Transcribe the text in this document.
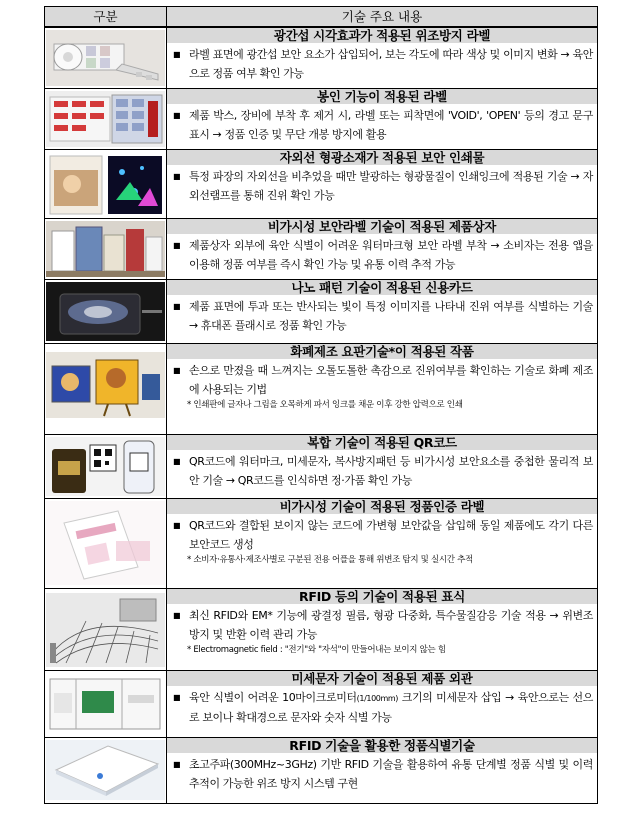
구분	기술 주요 내용

광간섭 시각효과가 적용된 위조방지 라벨
■ 라벨 표면에 광간섭 보안 요소가 삽입되어, 보는 각도에 따라 색상 및 이미지 변화 → 육안으로 정품 여부 확인 가능

봉인 기능이 적용된 라벨
■ 제품 박스, 장비에 부착 후 제거 시, 라벨 또는 피착면에 'VOID', 'OPEN' 등의 경고 문구 표시 → 정품 인증 및 무단 개봉 방지에 활용

자외선 형광소재가 적용된 보안 인쇄물
■ 특정 파장의 자외선을 비추었을 때만 발광하는 형광물질이 인쇄잉크에 적용된 기술 → 자외선램프를 통해 진위 확인 가능

비가시성 보안라벨 기술이 적용된 제품상자
■ 제품상자 외부에 육안 식별이 어려운 워터마크형 보안 라벨 부착 → 소비자는 전용 앱을 이용해 정품 여부를 즉시 확인 가능 및 유통 이력 추적 가능

나노 패턴 기술이 적용된 신용카드
■ 제품 표면에 투과 또는 반사되는 빛이 특정 이미지를 나타내 진위 여부를 식별하는 기술 → 휴대폰 플래시로 정품 확인 가능

화폐제조 요판기술*이 적용된 작품
■ 손으로 만졌을 때 느껴지는 오톨도톨한 촉감으로 진위여부를 확인하는 기술로 화폐 제조에 사용되는 기법
* 인쇄판에 글자나 그림을 오목하게 파서 잉크를 채운 이후 강한 압력으로 인쇄

복합 기술이 적용된 QR코드
■ QR코드에 워터마크, 미세문자, 복사방지패턴 등 비가시성 보안요소를 중첩한 물리적 보안 기술 → QR코드를 인식하면 정·가품 확인 가능

비가시성 기술이 적용된 정품인증 라벨
■ QR코드와 결합된 보이지 않는 코드에 가변형 보안값을 삽입해 동일 제품에도 각기 다른 보안코드 생성
* 소비자·유통사·제조사별로 구분된 전용 어플을 통해 위변조 탐지 및 실시간 추적

RFID 등의 기술이 적용된 표식
■ 최신 RFID와 EM* 기능에 광결정 필름, 형광 다중화, 특수물질감응 기술 적용 → 위변조 방지 및 반환 이력 관리 가능
* Electromagnetic field : "전기"와 "자석"이 만들어내는 보이지 않는 힘

미세문자 기술이 적용된 제품 외관
■ 육안 식별이 어려운 10마이크로미터(1/100mm) 크기의 미세문자 삽입 → 육안으로는 선으로 보이나 확대경으로 문자와 숫자 식별 가능

RFID 기술을 활용한 정품식별기술
■ 초고주파(300MHz~3GHz) 기반 RFID 기술을 활용하여 유통 단계별 정품 식별 및 이력 추적이 가능한 위조 방지 시스템 구현
